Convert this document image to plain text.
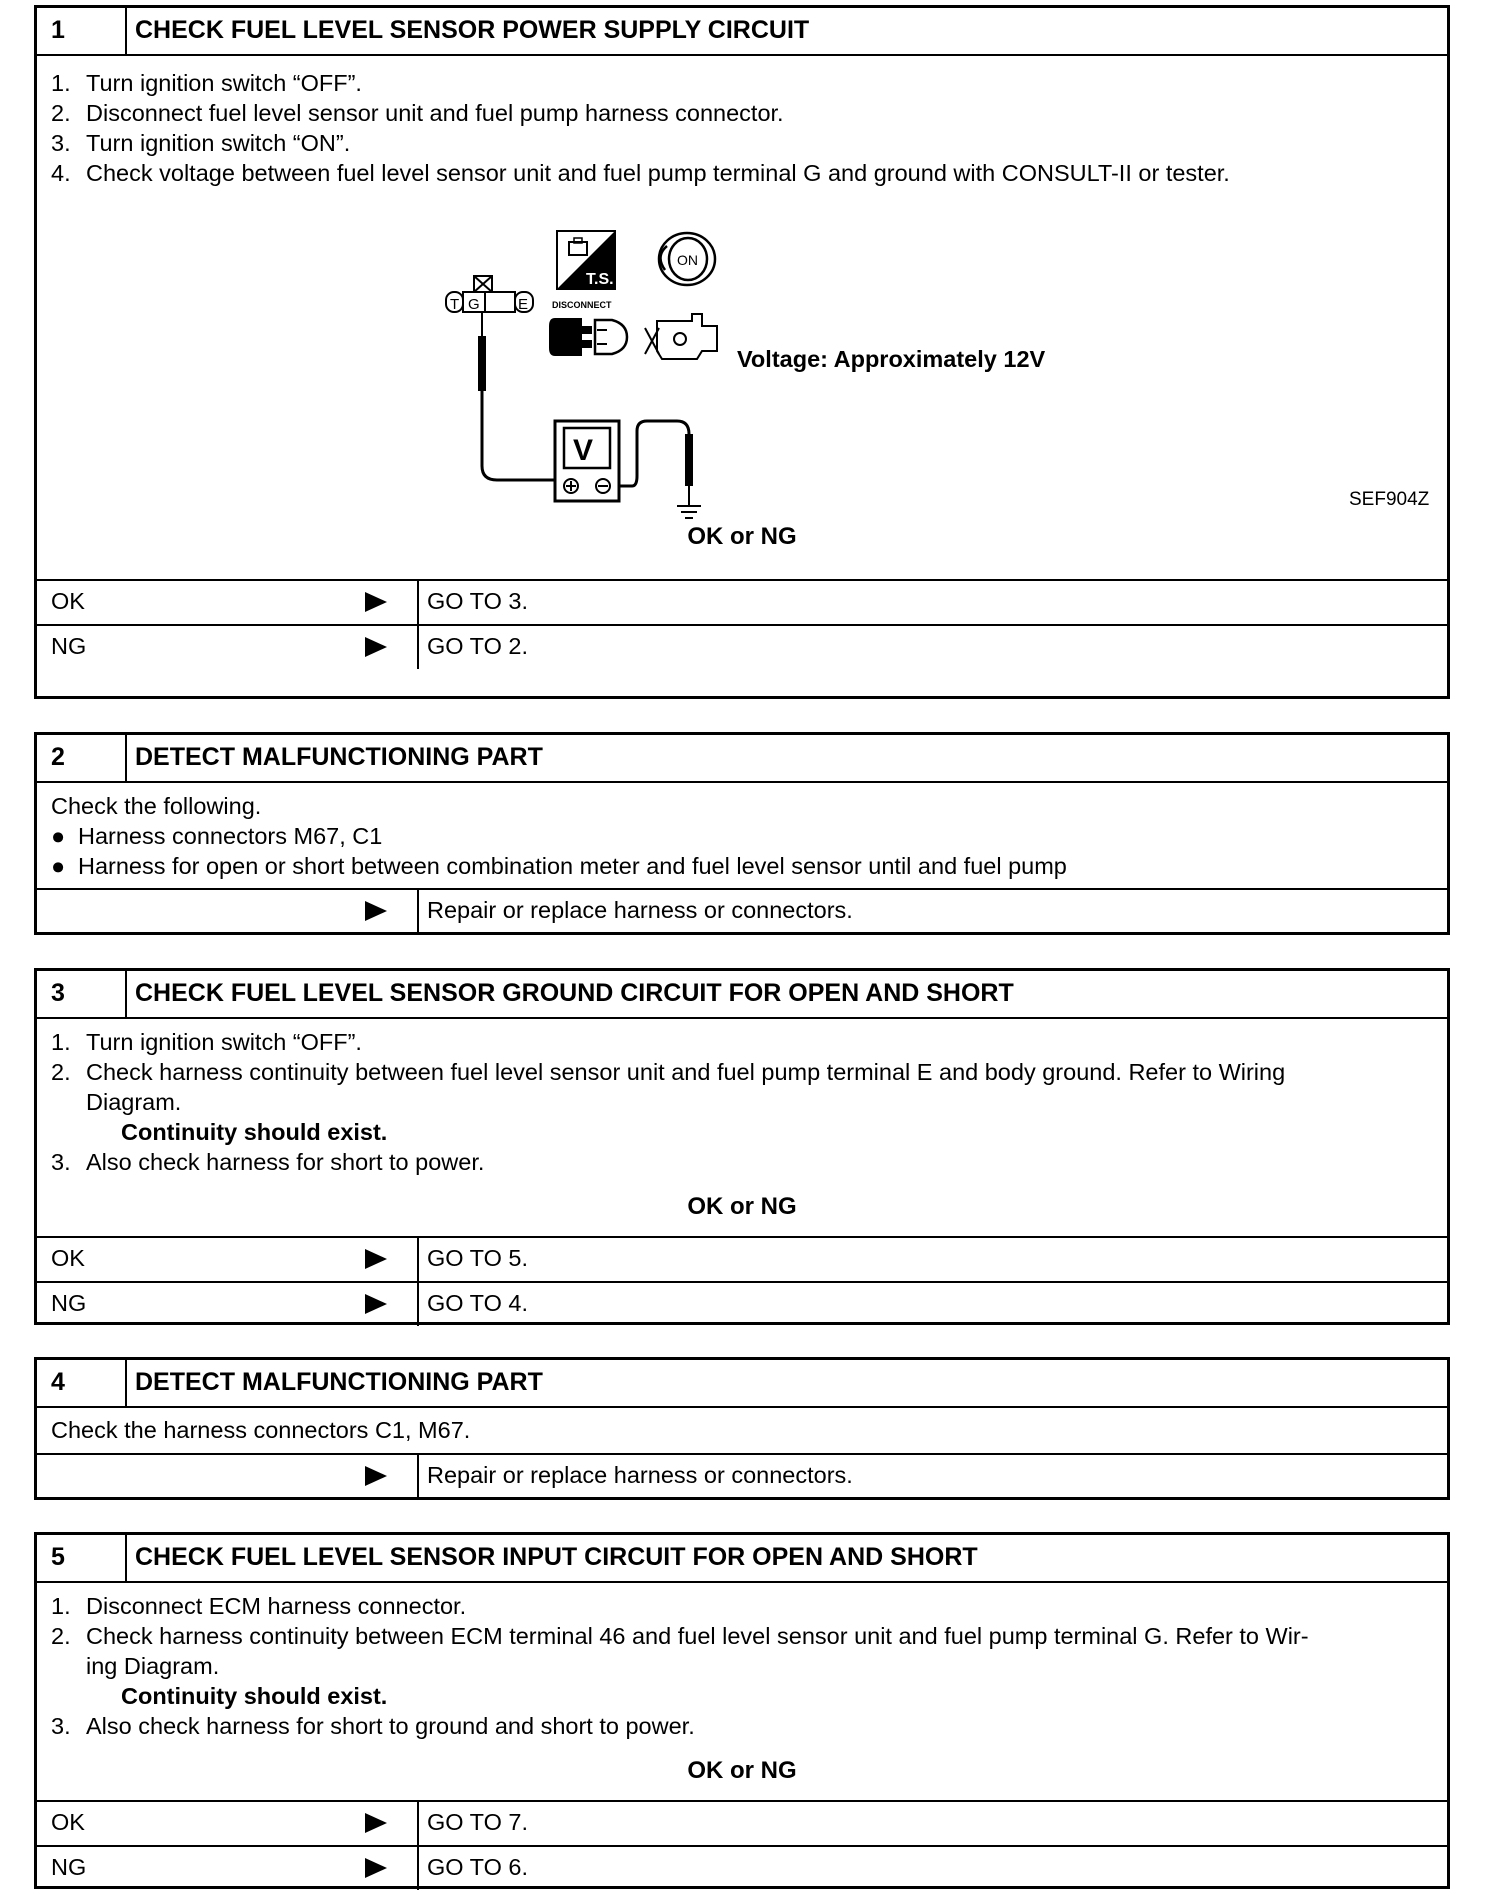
1	CHECK FUEL LEVEL SENSOR POWER SUPPLY CIRCUIT
1. Turn ignition switch “OFF”.
2. Disconnect fuel level sensor unit and fuel pump harness connector.
3. Turn ignition switch “ON”.
4. Check voltage between fuel level sensor unit and fuel pump terminal G and ground with CONSULT-II or tester.
T G	E
V
T.S.
ON
DISCONNECT
Voltage: Approximately 12V
SEF904Z
OK or NG
OK	GO TO 3.
NG	GO TO 2.
2	DETECT MALFUNCTIONING PART
Check the following.
● Harness connectors M67, C1
● Harness for open or short between combination meter and fuel level sensor until and fuel pump
Repair or replace harness or connectors.
3	CHECK FUEL LEVEL SENSOR GROUND CIRCUIT FOR OPEN AND SHORT
1. Turn ignition switch “OFF”.
2. Check harness continuity between fuel level sensor unit and fuel pump terminal E and body ground. Refer to Wiring
Diagram.
Continuity should exist.
3. Also check harness for short to power.
OK or NG
OK	GO TO 5.
NG	GO TO 4.
4	DETECT MALFUNCTIONING PART
Check the harness connectors C1, M67.
Repair or replace harness or connectors.
5	CHECK FUEL LEVEL SENSOR INPUT CIRCUIT FOR OPEN AND SHORT
1. Disconnect ECM harness connector.
2. Check harness continuity between ECM terminal 46 and fuel level sensor unit and fuel pump terminal G. Refer to Wir-
ing Diagram.
Continuity should exist.
3. Also check harness for short to ground and short to power.
OK or NG
OK	GO TO 7.
NG	GO TO 6.
